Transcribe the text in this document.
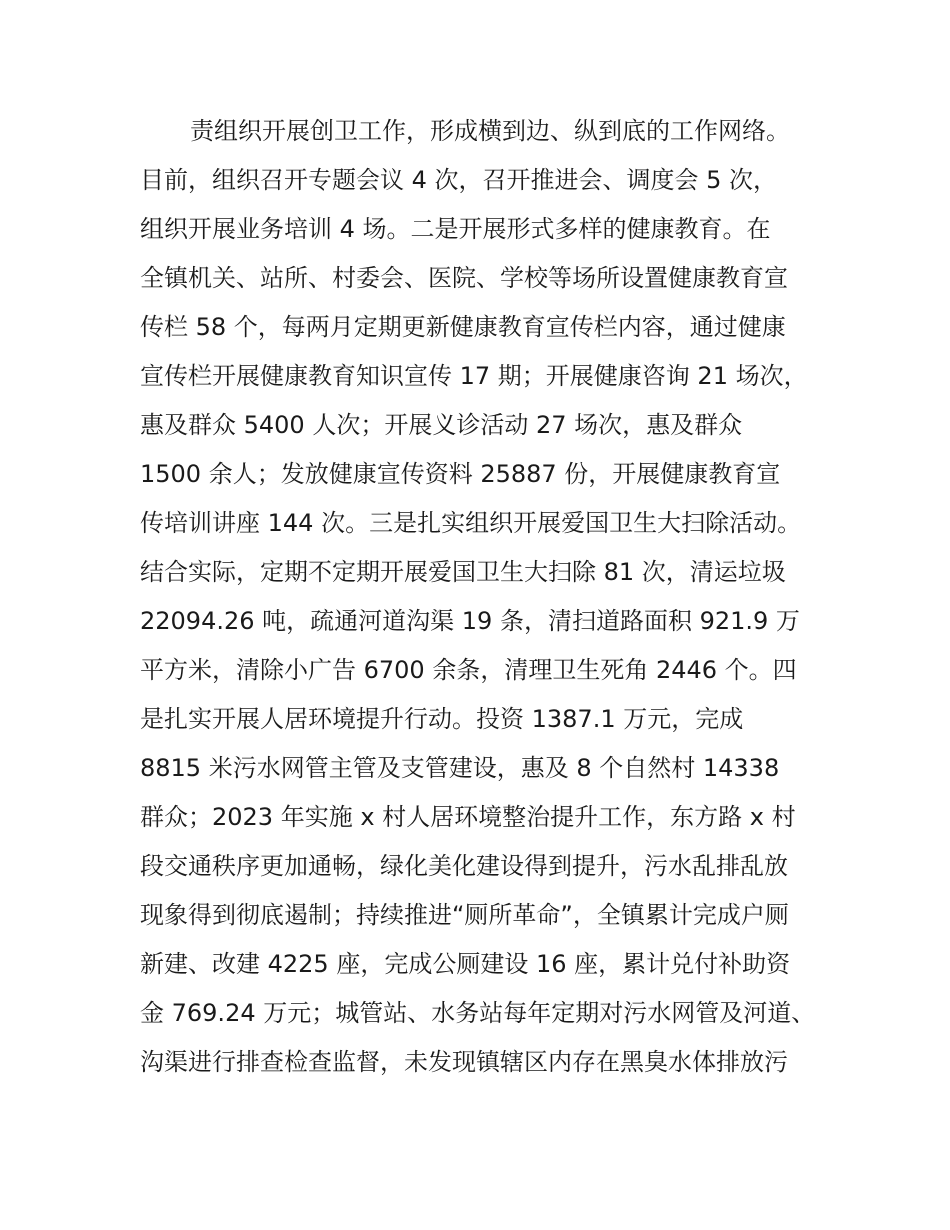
责组织开展创卫工作，形成横到边、纵到底的工作网络。
目前，组织召开专题会议 4 次，召开推进会、调度会 5 次，
组织开展业务培训 4 场。二是开展形式多样的健康教育。在
全镇机关、站所、村委会、医院、学校等场所设置健康教育宣
传栏 58 个，每两月定期更新健康教育宣传栏内容，通过健康
宣传栏开展健康教育知识宣传 17 期；开展健康咨询 21 场次，
惠及群众 5400 人次；开展义诊活动 27 场次，惠及群众
1500 余人；发放健康宣传资料 25887 份，开展健康教育宣
传培训讲座 144 次。三是扎实组织开展爱国卫生大扫除活动。
结合实际，定期不定期开展爱国卫生大扫除 81 次，清运垃圾
22094.26 吨，疏通河道沟渠 19 条，清扫道路面积 921.9 万
平方米，清除小广告 6700 余条，清理卫生死角 2446 个。四
是扎实开展人居环境提升行动。投资 1387.1 万元，完成
8815 米污水网管主管及支管建设，惠及 8 个自然村 14338
群众；2023 年实施 x 村人居环境整治提升工作，东方路 x 村
段交通秩序更加通畅，绿化美化建设得到提升，污水乱排乱放
现象得到彻底遏制；持续推进“厕所革命”，全镇累计完成户厕
新建、改建 4225 座，完成公厕建设 16 座，累计兑付补助资
金 769.24 万元；城管站、水务站每年定期对污水网管及河道、
沟渠进行排查检查监督，未发现镇辖区内存在黑臭水体排放污
